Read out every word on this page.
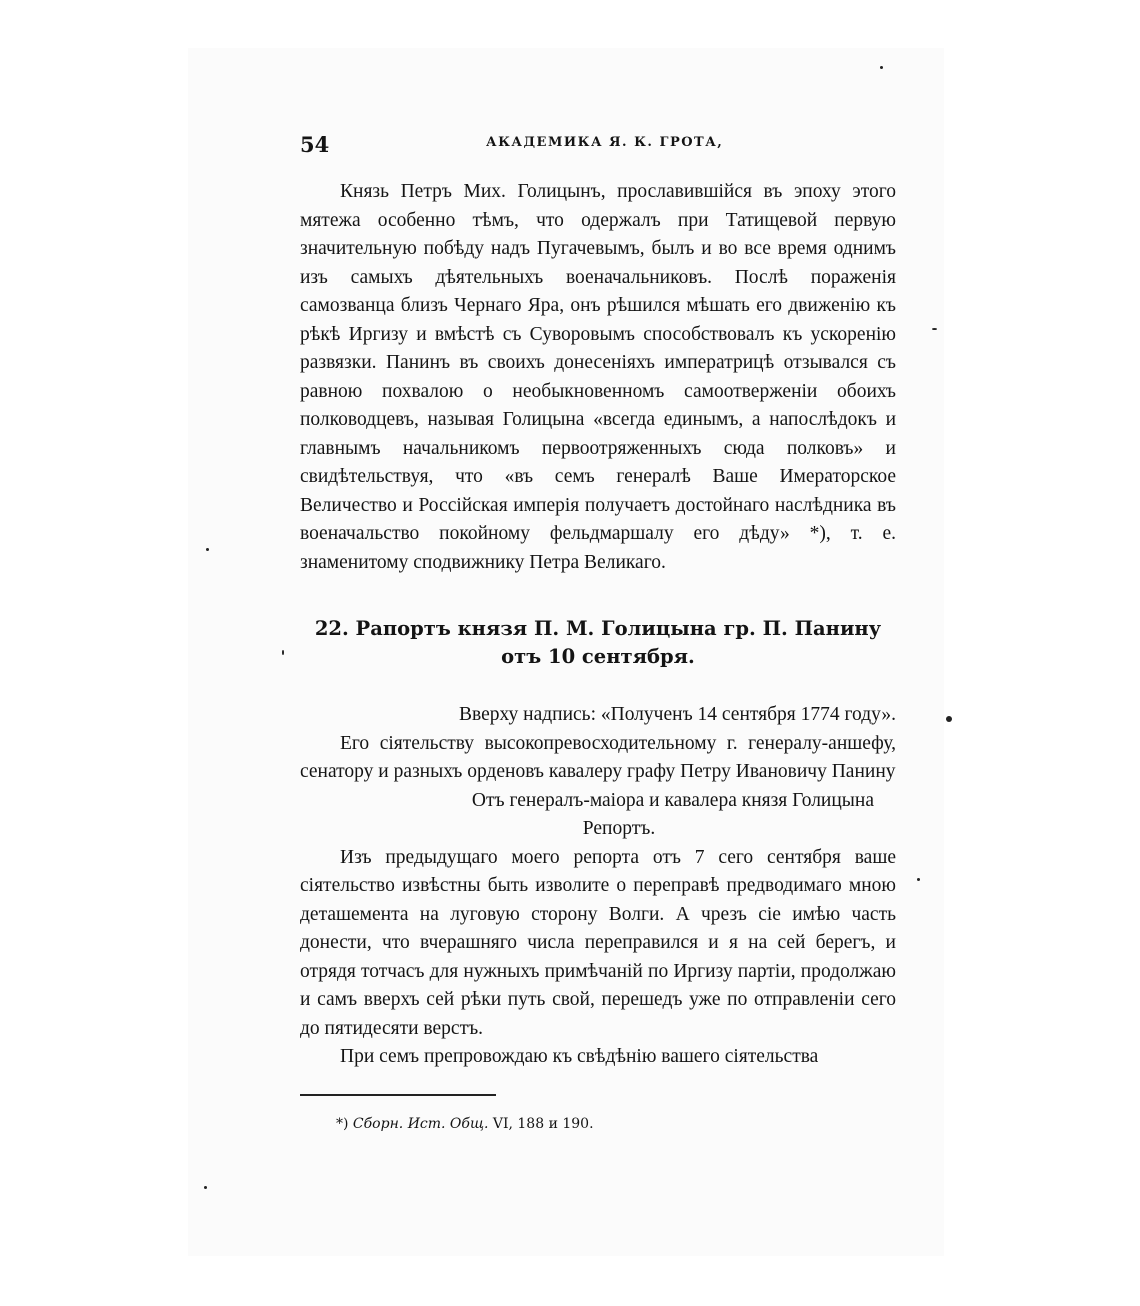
54	АКАДЕМИКА Я. К. ГРОТА,

Князь Петръ Мих. Голицынъ, прославившійся въ эпоху этого мятежа особенно тѣмъ, что одержалъ при Татищевой первую значительную побѣду надъ Пугачевымъ, былъ и во все время однимъ изъ самыхъ дѣятельныхъ военачальниковъ. Послѣ пораженія самозванца близъ Чернаго Яра, онъ рѣшился мѣшать его движенію къ рѣкѣ Иргизу и вмѣстѣ съ Суворовымъ способствовалъ къ ускоренію развязки. Панинъ въ своихъ донесеніяхъ императрицѣ отзывался съ равною похвалою о необыкновенномъ самоотверженіи обоихъ полководцевъ, называя Голицына «всегда единымъ, а напослѣдокъ и главнымъ начальникомъ первоотряженныхъ сюда полковъ» и свидѣтельствуя, что «въ семъ генералѣ Ваше Имераторское Величество и Россійская имперія получаетъ достойнаго наслѣдника въ военачальство покойному фельдмаршалу его дѣду» *), т. е. знаменитому сподвижнику Петра Великаго.

22. Рапортъ князя П. М. Голицына гр. П. Панину
отъ 10 сентября.

Вверху надпись: «Полученъ 14 сентября 1774 году».

Его сіятельству высокопревосходительному г. генералу-аншефу, сенатору и разныхъ орденовъ кавалеру графу Петру Ивановичу Панину

Отъ генералъ-маіора и кавалера князя Голицына

Репортъ.

Изъ предыдущаго моего репорта отъ 7 сего сентября ваше сіятельство извѣстны быть изволите о переправѣ предводимаго мною деташемента на луговую сторону Волги. А чрезъ сіе имѣю часть донести, что вчерашняго числа переправился и я на сей берегъ, и отрядя тотчасъ для нужныхъ примѣчаній по Иргизу партіи, продолжаю и самъ вверхъ сей рѣки путь свой, перешедъ уже по отправленіи сего до пятидесяти верстъ.

При семъ препровождаю къ свѣдѣнію вашего сіятельства

*) Сборн. Ист. Общ. VI, 188 и 190.
